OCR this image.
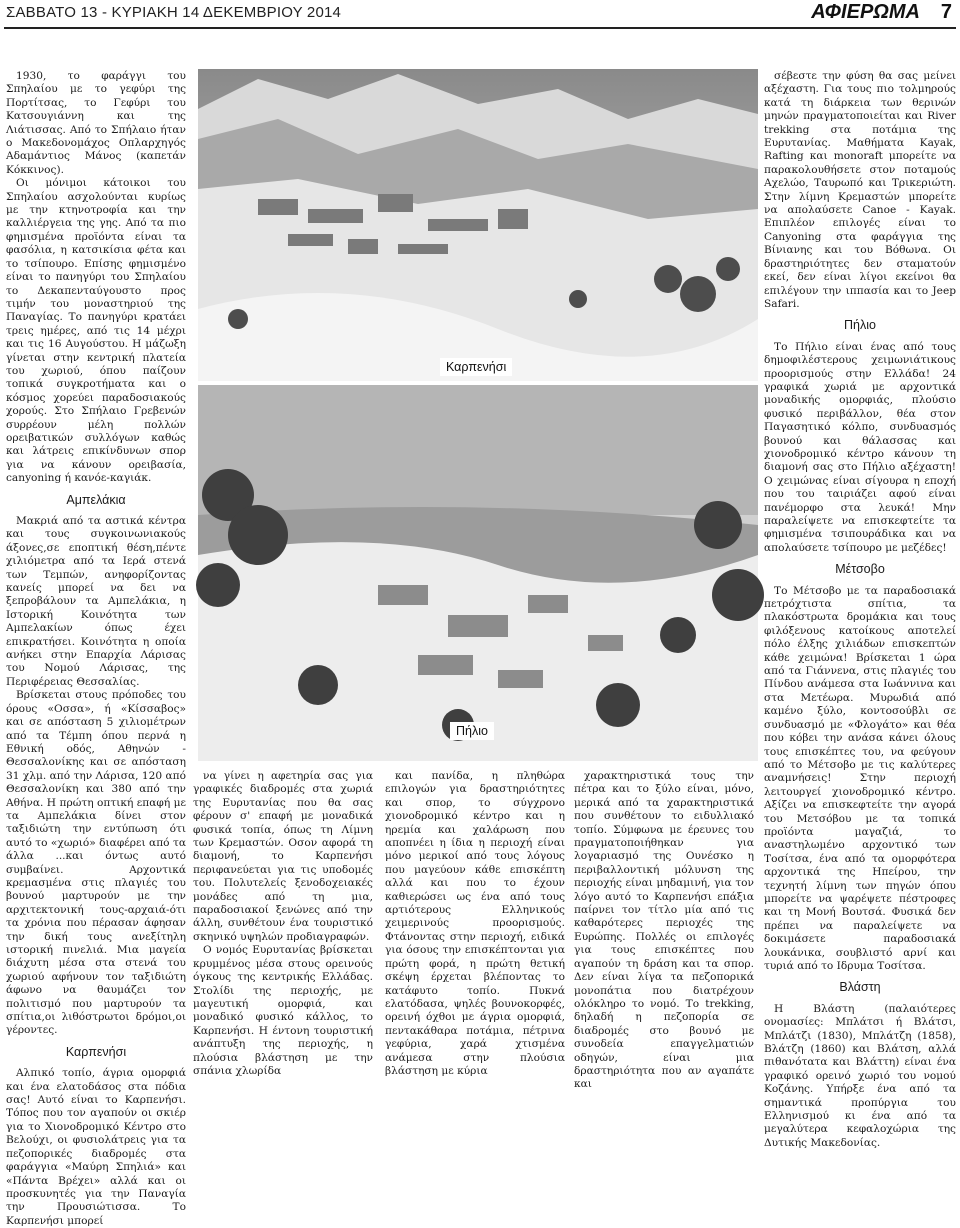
ΣΑΒΒΑΤΟ 13 - ΚΥΡΙΑΚΗ 14 ΔΕΚΕΜΒΡΙΟΥ 2014	ΑΦΙΕΡΩΜΑ 7

1930, το φαράγγι του Σπηλαίου με το γεφύρι της Πορτίτσας, το Γεφύρι του Κατσουγιάννη και της Λιάτισσας. Από το Σπήλαιο ήταν ο Μακεδονομάχος Οπλαρχηγός Αδαμάντιος Μάνος (καπετάν Κόκκινος).

Οι μόνιμοι κάτοικοι του Σπηλαίου ασχολούνται κυρίως με την κτηνοτροφία και την καλλιέργεια της γης. Από τα πιο φημισμένα προϊόντα είναι τα φασόλια, η κατσικίσια φέτα και το τσίπουρο. Επίσης φημισμένο είναι το πανηγύρι του Σπηλαίου το Δεκαπενταύγουστο προς τιμήν του μοναστηριού της Παναγίας. Το πανηγύρι κρατάει τρεις ημέρες, από τις 14 μέχρι και τις 16 Αυγούστου. Η μάζωξη γίνεται στην κεντρική πλατεία του χωριού, όπου παίζουν τοπικά συγκροτήματα και ο κόσμος χορεύει παραδοσιακούς χορούς. Στο Σπήλαιο Γρεβενών συρρέουν μέλη πολλών ορειβατικών συλλόγων καθώς και λάτρεις επικίνδυνων σπορ για να κάνουν ορειβασία, canyoning ή κανόε-καγιάκ.

Αμπελάκια

Μακριά από τα αστικά κέντρα και τους συγκοινωνιακούς άξονες,σε εποπτική θέση,πέντε χιλιόμετρα από τα Ιερά στενά των Τεμπών, ανηφορίζοντας κανείς μπορεί να δει να ξεπροβάλουν τα Αμπελάκια, η Ιστορική Κοινότητα των Αμπελακίων όπως έχει επικρατήσει. Κοινότητα η οποία ανήκει στην Επαρχία Λάρισας του Νομού Λάρισας, της Περιφέρειας Θεσσαλίας.

Βρίσκεται στους πρόποδες του όρους «Οσσα», ή «Κίσσαβος» και σε απόσταση 5 χιλιομέτρων από τα Τέμπη όπου περνά η Εθνική οδός, Αθηνών - Θεσσαλονίκης και σε απόσταση 31 χλμ. από την Λάρισα, 120 από Θεσσαλονίκη και 380 από την Αθήνα. Η πρώτη οπτική επαφή με τα Αμπελάκια δίνει στον ταξιδιώτη την εντύπωση ότι αυτό το «χωριό» διαφέρει από τα άλλα ...και όντως αυτό συμβαίνει. Αρχοντικά κρεμασμένα στις πλαγιές του βουνού μαρτυρούν με την αρχιτεκτονική τους-αρχαιά-ότι τα χρόνια που πέρασαν άφησαν την δική τους ανεξίτηλη ιστορική πινελιά. Μια μαγεία διάχυτη μέσα στα στενά του χωριού αφήνουν τον ταξιδιώτη άφωνο να θαυμάζει τον πολιτισμό που μαρτυρούν τα σπίτια,οι λιθόστρωτοι δρόμοι,οι γέροντες.

Καρπενήσι

Αλπικό τοπίο, άγρια ομορφιά και ένα ελατοδάσος στα πόδια σας! Αυτό είναι το Καρπενήσι. Τόπος που τον αγαπούν οι σκιέρ για το Χιονοδρομικό Κέντρο στο Βελούχι, οι φυσιολάτρεις για τα πεζοπορικές διαδρομές στα φαράγγια «Μαύρη Σπηλιά» και «Πάντα Βρέχει» αλλά και οι προσκυνητές για την Παναγία την Προυσιώτισσα. Το Καρπενήσι μπορεί

Καρπενήσι
Πήλιο

να γίνει η αφετηρία σας για γραφικές διαδρομές στα χωριά της Ευρυτανίας που θα σας φέρουν σ' επαφή με μοναδικά φυσικά τοπία, όπως τη Λίμνη των Κρεμαστών. Οσον αφορά τη διαμονή, το Καρπενήσι περιφανεύεται για τις υποδομές του. Πολυτελείς ξενοδοχειακές μονάδες από τη μια, παραδοσιακοί ξενώνες από την άλλη, συνθέτουν ένα τουριστικό σκηνικό υψηλών προδιαγραφών.

Ο νομός Ευρυτανίας βρίσκεται κρυμμένος μέσα στους ορεινούς όγκους της κεντρικής Ελλάδας. Στολίδι της περιοχής, με μαγευτική ομορφιά, και μοναδικό φυσικό κάλλος, το Καρπενήσι. Η έντονη τουριστική ανάπτυξη της περιοχής, η πλούσια βλάστηση με την σπάνια χλωρίδα

και πανίδα, η πληθώρα επιλογών για δραστηριότητες και σπορ, το σύγχρονο χιονοδρομικό κέντρο και η ηρεμία και χαλάρωση που αποπνέει η ίδια η περιοχή είναι μόνο μερικοί από τους λόγους που μαγεύουν κάθε επισκέπτη αλλά και που το έχουν καθιερώσει ως ένα από τους αρτιότερους Ελληνικούς χειμερινούς προορισμούς. Φτάνοντας στην περιοχή, ειδικά για όσους την επισκέπτονται για πρώτη φορά, η πρώτη θετική σκέψη έρχεται βλέποντας το κατάφυτο τοπίο. Πυκνά ελατόδασα, ψηλές βουνοκορφές, ορεινή όχθοι με άγρια ομορφιά, πεντακάθαρα ποτάμια, πέτρινα γεφύρια, χαρά χτισμένα ανάμεσα στην πλούσια βλάστηση με κύρια

χαρακτηριστικά τους την πέτρα και το ξύλο είναι, μόνο, μερικά από τα χαρακτηριστικά που συνθέτουν το ειδυλλιακό τοπίο. Σύμφωνα με έρευνες του πραγματοποιήθηκαν για λογαριασμό της Ουνέσκο η περιβαλλοντική μόλυνση της περιοχής είναι μηδαμινή, για τον λόγο αυτό το Καρπενήσι επάξια παίρνει τον τίτλο μία από τις καθαρότερες περιοχές της Ευρώπης. Πολλές οι επιλογές για τους επισκέπτες που αγαπούν τη δράση και τα σπορ. Δεν είναι λίγα τα πεζοπορικά μονοπάτια που διατρέχουν ολόκληρο το νομό. Το trekking, δηλαδή η πεζοπορία σε διαδρομές στο βουνό με συνοδεία επαγγελματιών οδηγών, είναι μια δραστηριότητα που αν αγαπάτε και

σέβεστε την φύση θα σας μείνει αξέχαστη. Για τους πιο τολμηρούς κατά τη διάρκεια των θερινών μηνών πραγματοποιείται και River trekking στα ποτάμια της Ευρυτανίας. Μαθήματα Kayak, Rafting και monoraft μπορείτε να παρακολουθήσετε στον ποταμούς Αχελώο, Ταυρωπό και Τρικεριώτη. Στην λίμνη Κρεμαστών μπορείτε να απολαύσετε Canoe - Kayak. Επιπλέον επιλογές είναι το Canyoning στα φαράγγια της Βίνιανης και του Βόθωνα. Οι δραστηριότητες δεν σταματούν εκεί, δεν είναι λίγοι εκείνοι θα επιλέγουν την ιππασία και το Jeep Safari.

Πήλιο

Το Πήλιο είναι ένας από τους δημοφιλέστερους χειμωνιάτικους προορισμούς στην Ελλάδα! 24 γραφικά χωριά με αρχοντικά μοναδικής ομορφιάς, πλούσιο φυσικό περιβάλλον, θέα στον Παγασητικό κόλπο, συνδυασμός βουνού και θάλασσας και χιονοδρομικό κέντρο κάνουν τη διαμονή σας στο Πήλιο αξέχαστη! Ο χειμώνας είναι σίγουρα η εποχή που του ταιριάζει αφού είναι πανέμορφο στα λευκά! Μην παραλείψετε να επισκεφτείτε τα φημισμένα τσιπουράδικα και να απολαύσετε τσίπουρο με μεζέδες!

Μέτσοβο

Το Μέτσοβο με τα παραδοσιακά πετρόχτιστα σπίτια, τα πλακόστρωτα δρομάκια και τους φιλόξενους κατοίκους αποτελεί πόλο έλξης χιλιάδων επισκεπτών κάθε χειμώνα! Βρίσκεται 1 ώρα από τα Γιάννενα, στις πλαγιές του Πίνδου ανάμεσα στα Ιωάννινα και στα Μετέωρα. Μυρωδιά από καμένο ξύλο, κοντοσούβλι σε συνδυασμό με «Φλογάτο» και θέα που κόβει την ανάσα κάνει όλους τους επισκέπτες του, να φεύγουν από το Μέτσοβο με τις καλύτερες αναμνήσεις! Στην περιοχή λειτουργεί χιονοδρομικό κέντρο. Αξίζει να επισκεφτείτε την αγορά του Μετσόβου με τα τοπικά προϊόντα μαγαζιά, το αναστηλωμένο αρχοντικό των Τοσίτσα, ένα από τα ομορφότερα αρχοντικά της Ηπείρου, την τεχνητή λίμνη των πηγών όπου μπορείτε να ψαρέψετε πέστροφες και τη Μονή Βουτσά. Φυσικά δεν πρέπει να παραλείψετε να δοκιμάσετε παραδοσιακά λουκάνικα, σουβλιστό αρνί και τυριά από το Ιδρυμα Τοσίτσα.

Βλάστη

Η Βλάστη (παλαιότερες ονομασίες: Μπλάτσι ή Βλάτσι, Μπλάτζι (1830), Μπλάτζη (1858), Βλάτζη (1860) και Βλάτση, αλλά πιθανότατα και Βλάττη) είναι ένα γραφικό ορεινό χωριό του νομού Κοζάνης. Υπήρξε ένα από τα σημαντικά προπύργια του Ελληνισμού κι ένα από τα μεγαλύτερα κεφαλοχώρια της Δυτικής Μακεδονίας.
